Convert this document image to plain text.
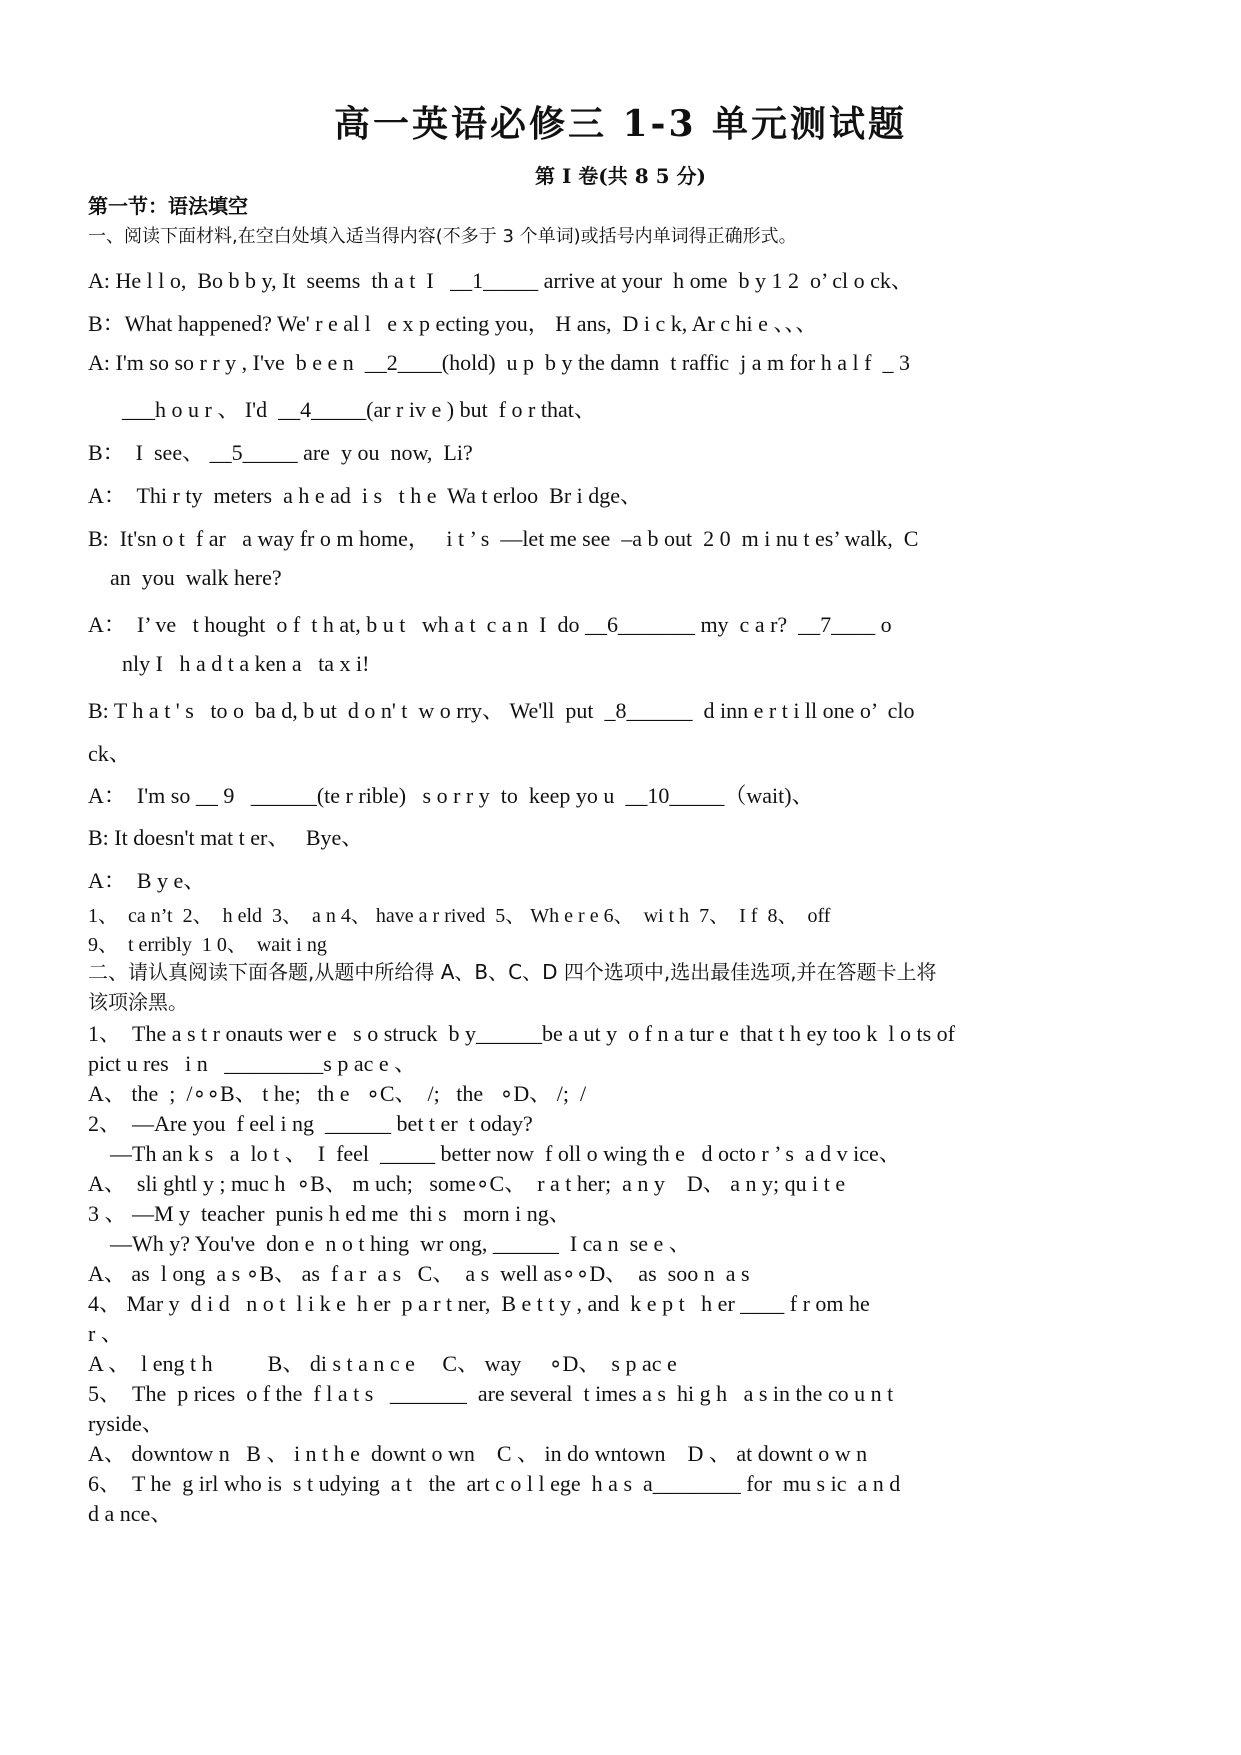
高一英语必修三 1-3 单元测试题
第 I 卷(共 8 5 分)
第一节：语法填空
一、阅读下面材料,在空白处填入适当得内容(不多于 3 个单词)或括号内单词得正确形式。
A: He l l o,  Bo b b y, It  seems  th a t  I   __1_____ arrive at your  h ome  b y 1 2  o’ cl o ck、
B：What happened? We' r e al l   e x p ecting you， H ans,  D i c k, Ar c hi e 、、、
A: I'm so so r r y , I've  b e e n  __2____(hold)  u p  b y the damn  t raffic  j a m for h a l f  _ 3
___h o u r 、 I'd  __4_____(ar r iv e ) but  f o r that、
B：  I  see、 __5_____ are  y ou  now,  Li?
A：  Thi r ty  meters  a h e ad  i s   t h e  Wa t erloo  Br i dge、
B:  It'sn o t  f ar   a way fr o m home，   i t ’ s  —let me see  –a b out  2 0  m i nu t es’ walk,  C
an  you  walk here?
A：  I’ ve   t hought  o f  t h at, b u t   wh a t  c a n  I  do __6_______ my  c a r?  __7____ o
nly I   h a d t a ken a   ta x i!
B: T h a t ' s   to o  ba d, b ut  d o n' t  w o rry、 We'll  put  _8______  d inn e r t i ll one o’  clo
ck、
A：  I'm so __ 9   ______(te r rible)   s o r r y  to  keep yo u  __10_____（wait)、
B: It doesn't mat t er、   Bye、
A：  B y e、
1、  ca n’t  2、  h eld  3、  a n 4、 have a r rived  5、 Wh e r e 6、  wi t h  7、  I f  8、  off
9、  t erribly  1 0、  wait i ng
二、请认真阅读下面各题,从题中所给得 A、B、C、D 四个选项中,选出最佳选项,并在答题卡上将
该项涂黑。
1、  The a s t r onauts wer e   s o struck  b y______be a ut y  o f n a tur e  that t h ey too k  l o ts of
pict u res   i n   _________s p ac e 、
A、 the  ;  /∘∘B、 t he;   th e   ∘C、  /;   the   ∘D、 /;  /
2、  —Are you  f eel i ng  ______ bet t er  t oday?
—Th an k s   a  lo t 、  I  feel  _____ better now  f oll o wing th e   d octo r ’ s  a d v ice、
A、  sli ghtl y ; muc h  ∘B、 m uch;   some∘C、  r a t her;  a n y    D、 a n y; qu i t e
3 、 —M y  teacher  punis h ed me  thi s   morn i ng、
—Wh y? You've  don e  n o t hing  wr ong, ______  I ca n  se e 、
A、 as  l ong  a s ∘B、 as  f a r  a s   C、  a s  well as∘∘D、  as  soo n  a s
4、 Mar y  d i d   n o t  l i k e  h er  p a r t ner,  B e t t y , and  k e p t   h er ____ f r om he
r 、
A 、  l eng t h          B、 di s t a n c e     C、 way     ∘D、  s p ac e
5、  The  p rices  o f the  f l a t s   _______  are several  t imes a s  hi g h   a s in the co u n t
ryside、
A、 downtow n   B 、 i n t h e  downt o wn    C 、 in do wntown    D 、 at downt o w n
6、  T he  g irl who is  s t udying  a t   the  art c o l l ege  h a s  a________ for  mu s ic  a n d
d a nce、
